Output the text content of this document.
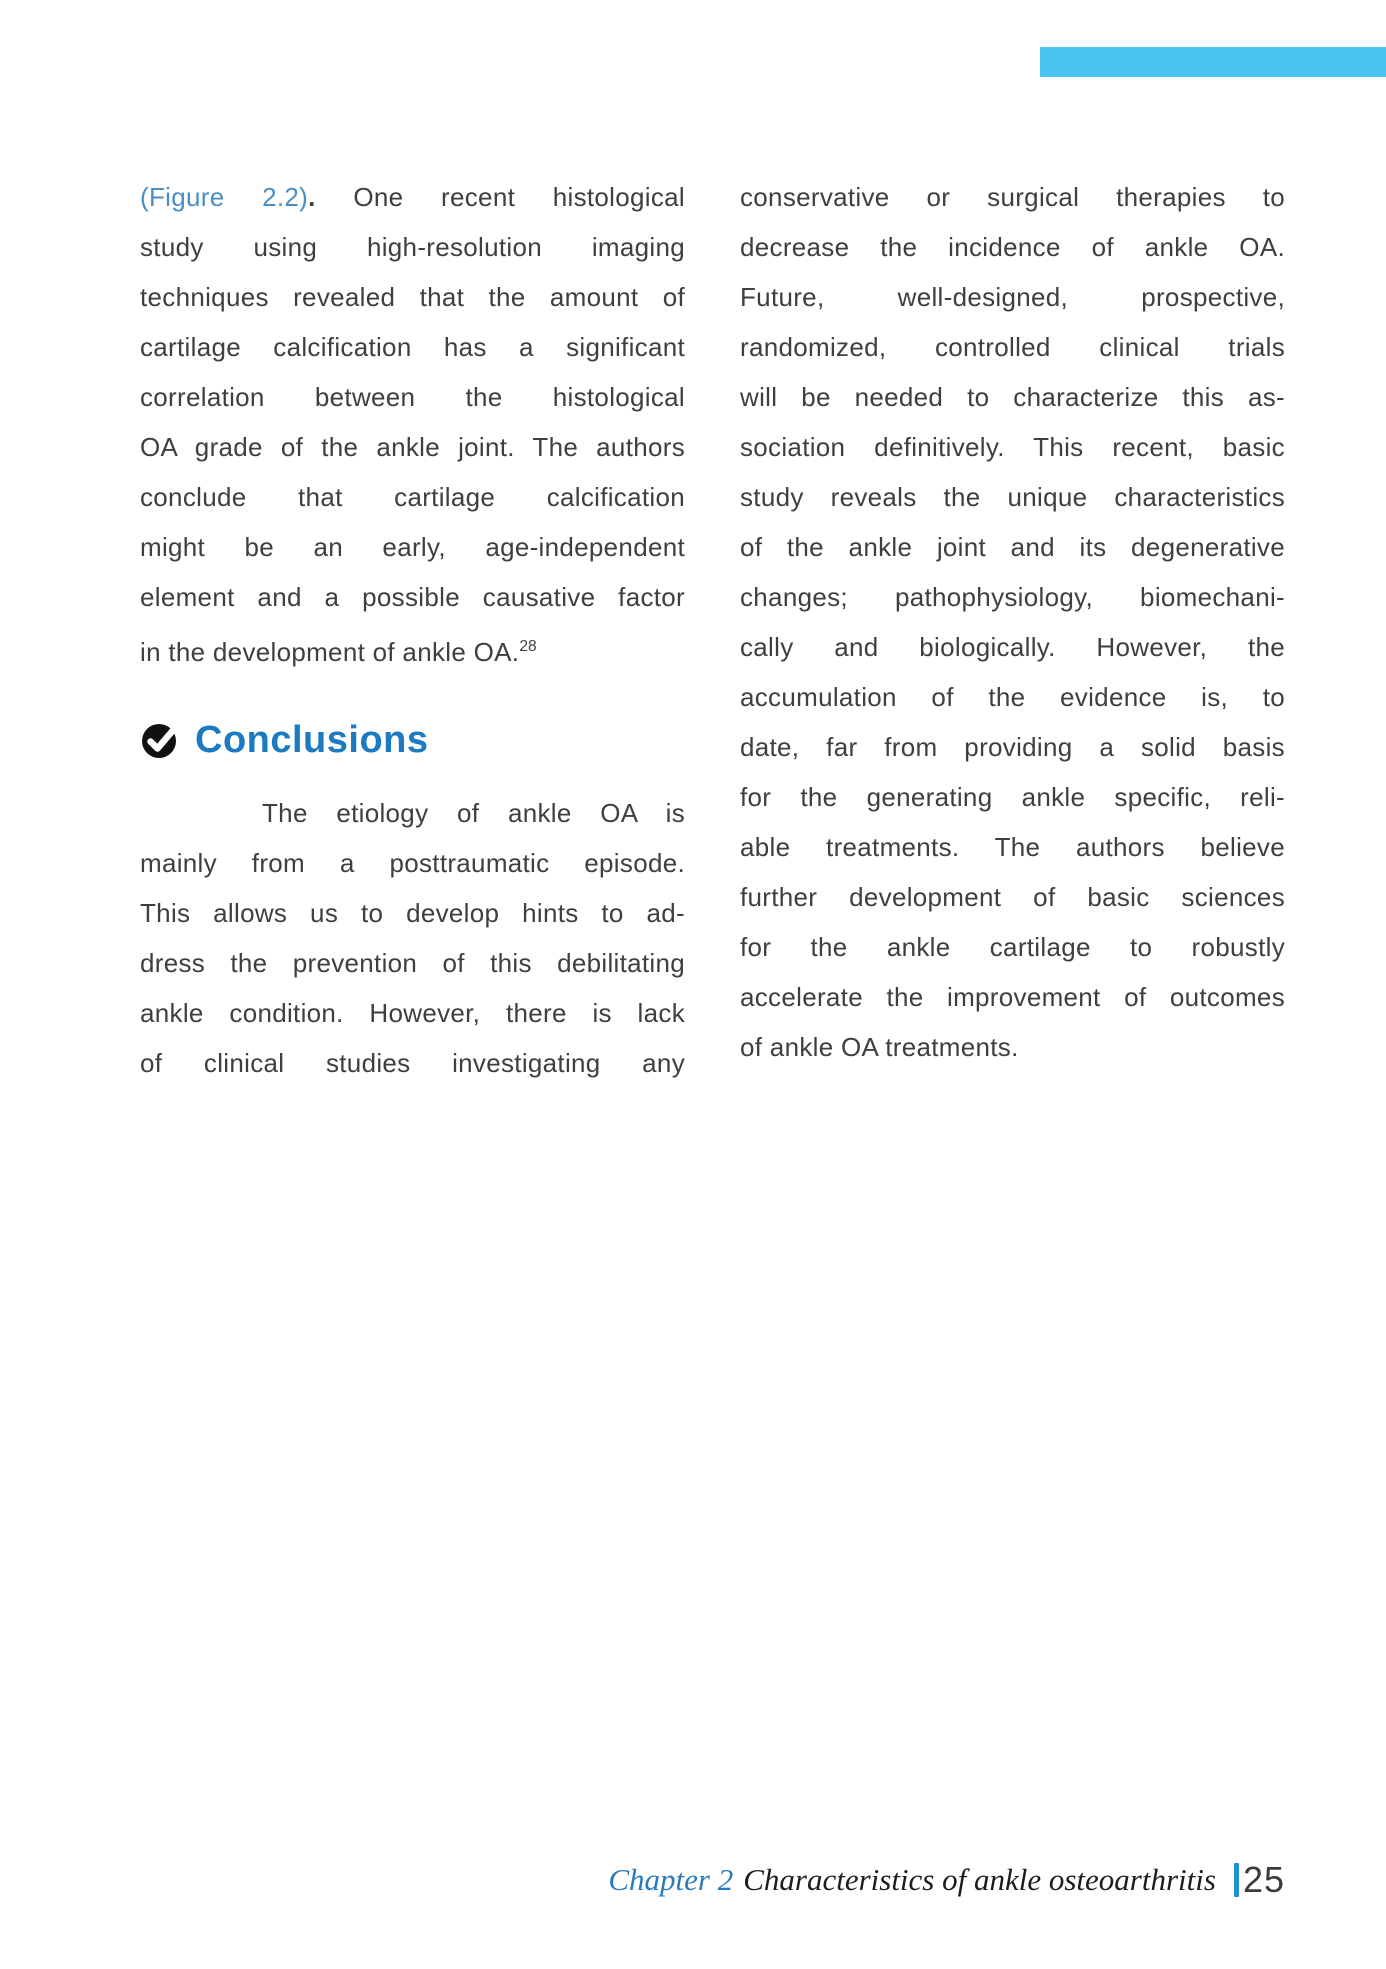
(Figure 2.2). One recent histological
study using high-resolution imaging
techniques revealed that the amount of
cartilage calcification has a significant
correlation between the histological
OA grade of the ankle joint. The authors
conclude that cartilage calcification
might be an early, age-independent
element and a possible causative factor
in the development of ankle OA.$^{28}$
Conclusions
The etiology of ankle OA is
mainly from a posttraumatic episode.
This allows us to develop hints to ad-
dress the prevention of this debilitating
ankle condition. However, there is lack
of clinical studies investigating any
conservative or surgical therapies to
decrease the incidence of ankle OA.
Future, well-designed, prospective,
randomized, controlled clinical trials
will be needed to characterize this as-
sociation definitively. This recent, basic
study reveals the unique characteristics
of the ankle joint and its degenerative
changes; pathophysiology, biomechani-
cally and biologically. However, the
accumulation of the evidence is, to
date, far from providing a solid basis
for the generating ankle specific, reli-
able treatments. The authors believe
further development of basic sciences
for the ankle cartilage to robustly
accelerate the improvement of outcomes
of ankle OA treatments.
Chapter 2 Characteristics of ankle osteoarthritis 25
